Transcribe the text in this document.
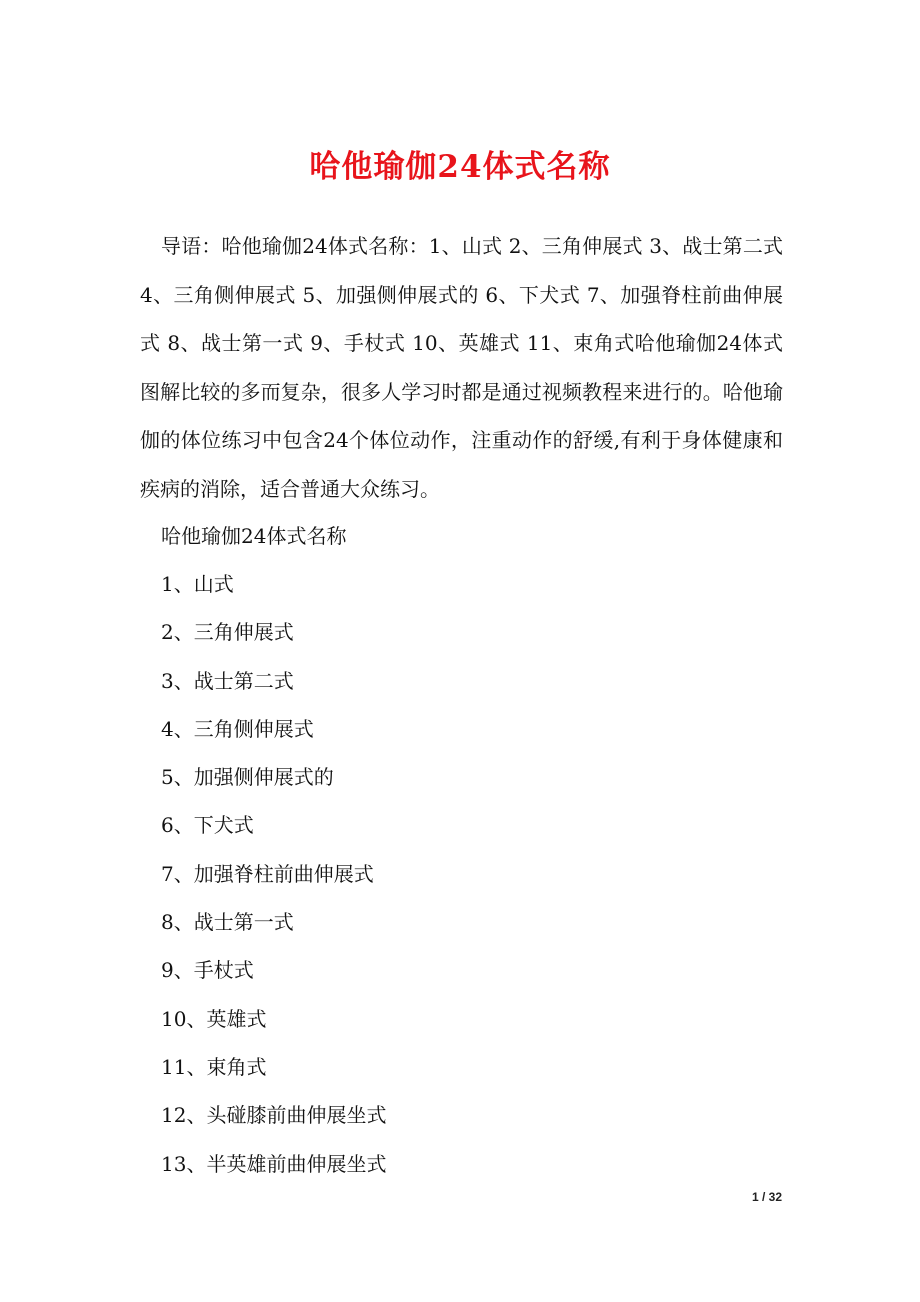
哈他瑜伽24体式名称

导语：哈他瑜伽24体式名称：1、山式 2、三角伸展式 3、战士第二式 4、三角侧伸展式 5、加强侧伸展式的 6、下犬式 7、加强脊柱前曲伸展式 8、战士第一式 9、手杖式 10、英雄式 11、束角式哈他瑜伽24体式图解比较的多而复杂，很多人学习时都是通过视频教程来进行的。哈他瑜伽的体位练习中包含24个体位动作，注重动作的舒缓,有利于身体健康和疾病的消除，适合普通大众练习。

哈他瑜伽24体式名称

1、山式
2、三角伸展式
3、战士第二式
4、三角侧伸展式
5、加强侧伸展式的
6、下犬式
7、加强脊柱前曲伸展式
8、战士第一式
9、手杖式
10、英雄式
11、束角式
12、头碰膝前曲伸展坐式
13、半英雄前曲伸展坐式
1 / 32
